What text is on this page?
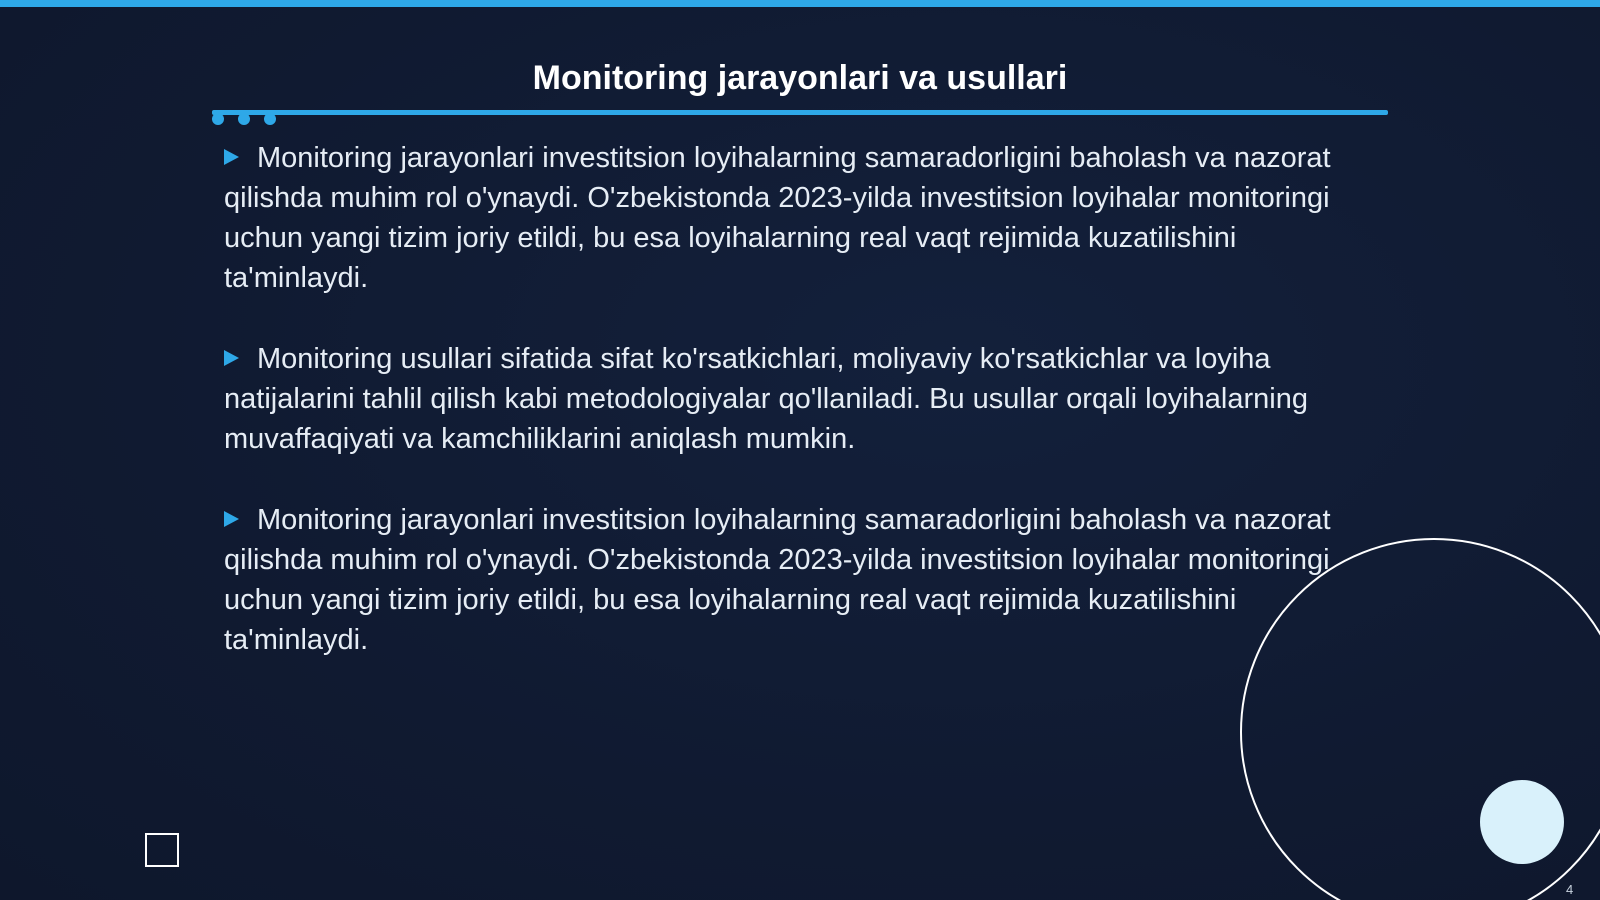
Monitoring jarayonlari va usullari

Monitoring jarayonlari investitsion loyihalarning samaradorligini baholash va nazorat qilishda muhim rol o'ynaydi. O'zbekistonda 2023-yilda investitsion loyihalar monitoringi uchun yangi tizim joriy etildi, bu esa loyihalarning real vaqt rejimida kuzatilishini ta'minlaydi.

Monitoring usullari sifatida sifat ko'rsatkichlari, moliyaviy ko'rsatkichlar va loyiha natijalarini tahlil qilish kabi metodologiyalar qo'llaniladi. Bu usullar orqali loyihalarning muvaffaqiyati va kamchiliklarini aniqlash mumkin.

Monitoring jarayonlari investitsion loyihalarning samaradorligini baholash va nazorat qilishda muhim rol o'ynaydi. O'zbekistonda 2023-yilda investitsion loyihalar monitoringi uchun yangi tizim joriy etildi, bu esa loyihalarning real vaqt rejimida kuzatilishini ta'minlaydi.

4
